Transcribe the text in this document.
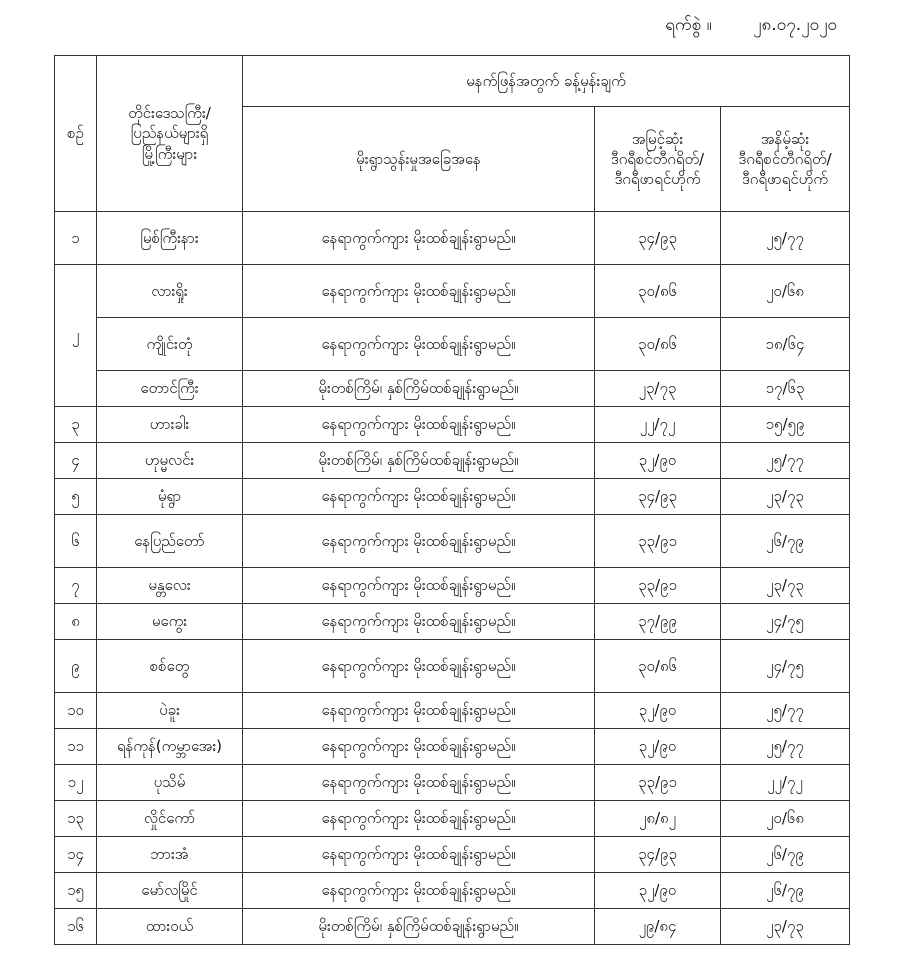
ရက်စွဲ ။ ၂၈.၀၇.၂၀၂၀
စဉ်	တိုင်းဒေသကြီး/
ပြည်နယ်များရှိ
မြို့ကြီးများ	မနက်ဖြန်အတွက် ခန့်မှန်းချက်		
		မိုးရွာသွန်းမှုအခြေအနေ	အမြင့်ဆုံး
ဒီဂရီစင်တီဂရိတ်/
ဒီဂရီဖာရင်ဟိုက်	အနိမ့်ဆုံး
ဒီဂရီစင်တီဂရိတ်/
ဒီဂရီဖာရင်ဟိုက်
၁	မြစ်ကြီးနား	နေရာကွက်ကျား မိုးထစ်ချုန်းရွာမည်။	၃၄/၉၃	၂၅/၇၇
၂	လားရှိုး	နေရာကွက်ကျား မိုးထစ်ချုန်းရွာမည်။	၃၀/၈၆	၂၀/၆၈
	ကျိုင်းတုံ	နေရာကွက်ကျား မိုးထစ်ချုန်းရွာမည်။	၃၀/၈၆	၁၈/၆၄
	တောင်ကြီး	မိုးတစ်ကြိမ်၊ နှစ်ကြိမ်ထစ်ချုန်းရွာမည်။	၂၃/၇၃	၁၇/၆၃
၃	ဟားခါး	နေရာကွက်ကျား မိုးထစ်ချုန်းရွာမည်။	၂၂/၇၂	၁၅/၅၉
၄	ဟုမ္မလင်း	မိုးတစ်ကြိမ်၊ နှစ်ကြိမ်ထစ်ချုန်းရွာမည်။	၃၂/၉၀	၂၅/၇၇
၅	မုံရွာ	နေရာကွက်ကျား မိုးထစ်ချုန်းရွာမည်။	၃၄/၉၃	၂၃/၇၃
၆	နေပြည်တော်	နေရာကွက်ကျား မိုးထစ်ချုန်းရွာမည်။	၃၃/၉၁	၂၆/၇၉
၇	မန္တလေး	နေရာကွက်ကျား မိုးထစ်ချုန်းရွာမည်။	၃၃/၉၁	၂၃/၇၃
၈	မကွေး	နေရာကွက်ကျား မိုးထစ်ချုန်းရွာမည်။	၃၇/၉၉	၂၄/၇၅
၉	စစ်တွေ	နေရာကွက်ကျား မိုးထစ်ချုန်းရွာမည်။	၃၀/၈၆	၂၄/၇၅
၁၀	ပဲခူး	နေရာကွက်ကျား မိုးထစ်ချုန်းရွာမည်။	၃၂/၉၀	၂၅/၇၇
၁၁	ရန်ကုန်(ကမ္ဘာအေး)	နေရာကွက်ကျား မိုးထစ်ချုန်းရွာမည်။	၃၂/၉၀	၂၅/၇၇
၁၂	ပုသိမ်	နေရာကွက်ကျား မိုးထစ်ချုန်းရွာမည်။	၃၃/၉၁	၂၂/၇၂
၁၃	လှိုင်ကော်	နေရာကွက်ကျား မိုးထစ်ချုန်းရွာမည်။	၂၈/၈၂	၂၀/၆၈
၁၄	ဘားအံ	နေရာကွက်ကျား မိုးထစ်ချုန်းရွာမည်။	၃၄/၉၃	၂၆/၇၉
၁၅	မော်လမြိုင်	နေရာကွက်ကျား မိုးထစ်ချုန်းရွာမည်။	၃၂/၉၀	၂၆/၇၉
၁၆	ထားဝယ်	မိုးတစ်ကြိမ်၊ နှစ်ကြိမ်ထစ်ချုန်းရွာမည်။	၂၉/၈၄	၂၃/၇၃
